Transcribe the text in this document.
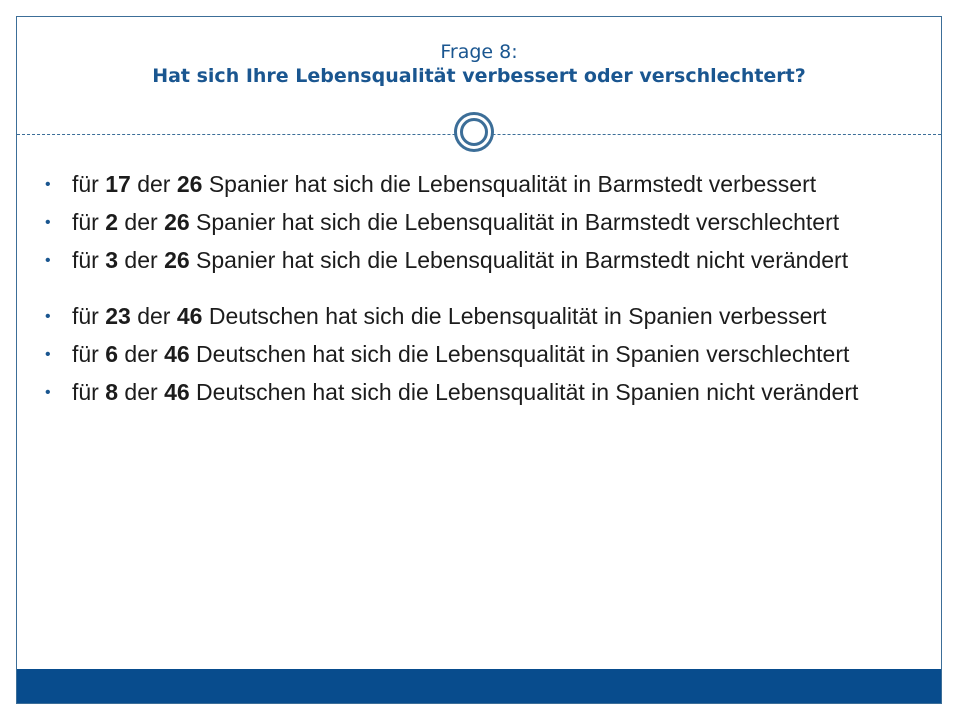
Frage 8:
Hat sich Ihre Lebensqualität verbessert oder verschlechtert?
• für 17 der 26 Spanier hat sich die Lebensqualität in Barmstedt verbessert
• für 2 der 26 Spanier hat sich die Lebensqualität in Barmstedt verschlechtert
• für 3 der 26 Spanier hat sich die Lebensqualität in Barmstedt nicht verändert
• für 23 der 46 Deutschen hat sich die Lebensqualität in Spanien verbessert
• für 6 der 46 Deutschen hat sich die Lebensqualität in Spanien verschlechtert
• für 8 der 46 Deutschen hat sich die Lebensqualität in Spanien nicht verändert
